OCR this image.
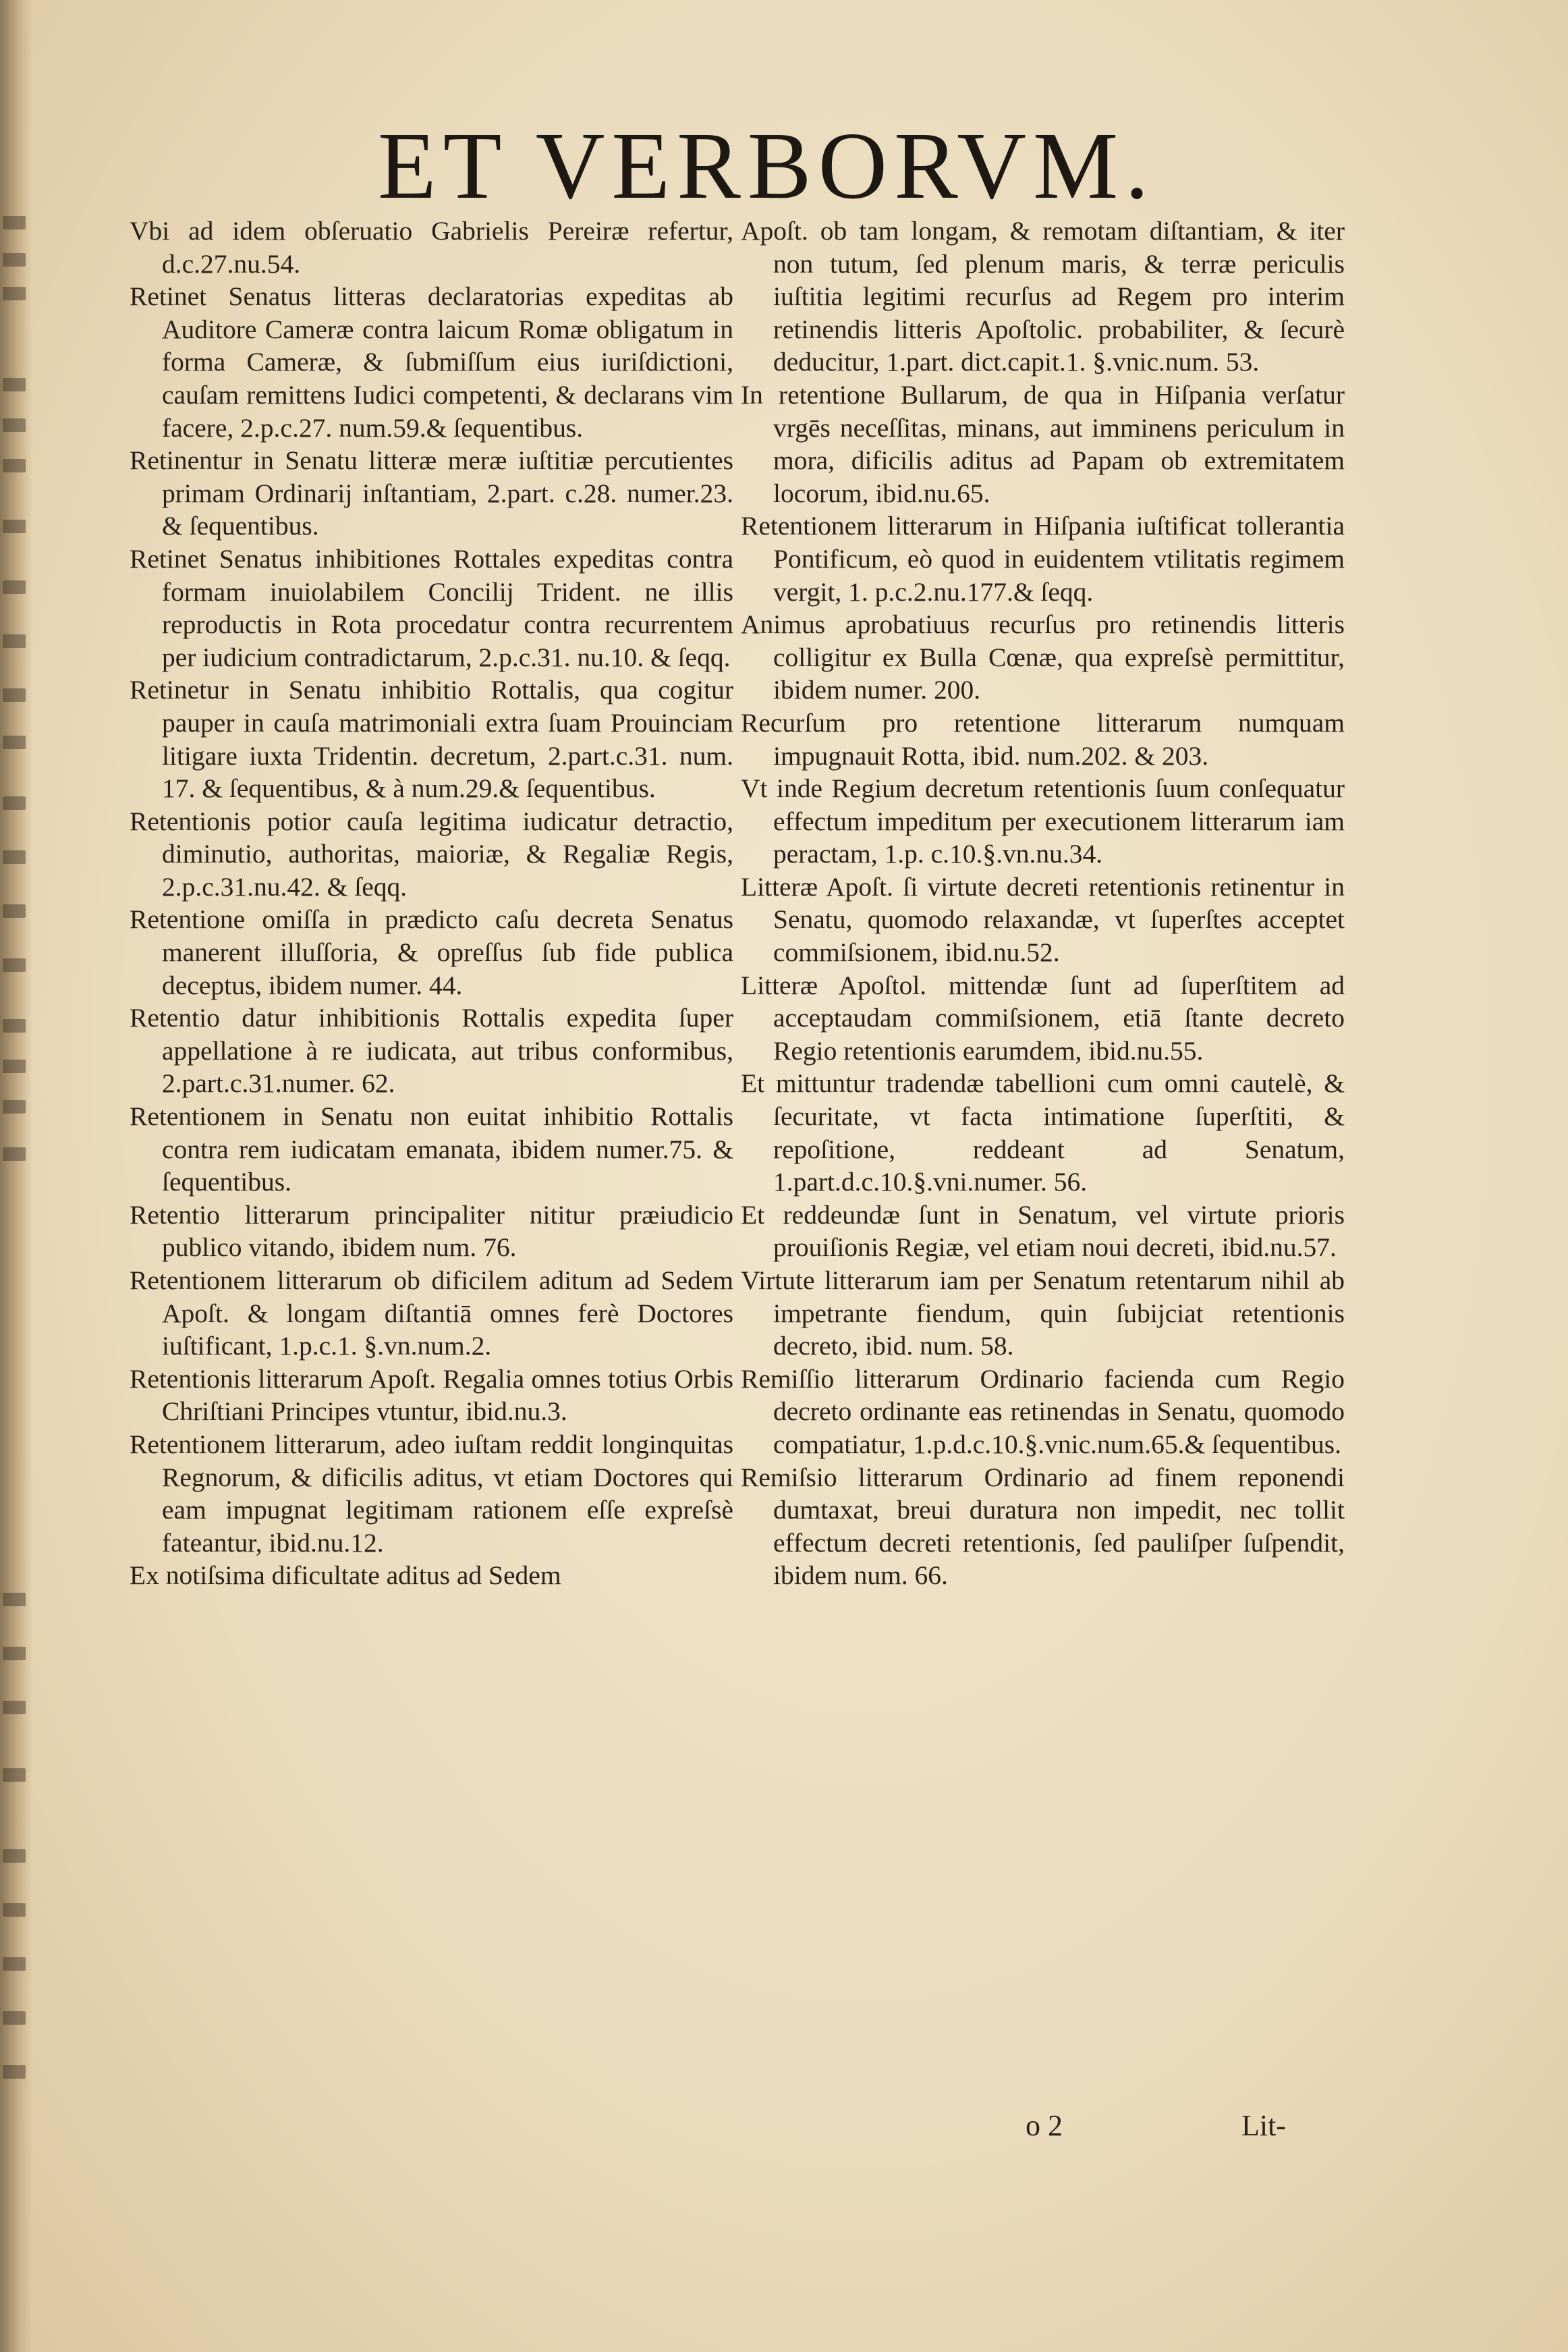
ET VERBORVM.

Vbi ad idem obſeruatio Gabrielis Pereiræ refertur, d.c.27.nu.54.

Retinet Senatus litteras declaratorias expeditas ab Auditore Cameræ contra laicum Romæ obligatum in forma Cameræ, & ſubmiſſum eius iuriſdictioni, cauſam remittens Iudici competenti, & declarans vim facere, 2.p.c.27. num.59.& ſequentibus.

Retinentur in Senatu litteræ meræ iuſtitiæ percutientes primam Ordinarij inſtantiam, 2.part. c.28. numer.23. & ſequentibus.

Retinet Senatus inhibitiones Rottales expeditas contra formam inuiolabilem Concilij Trident. ne illis reproductis in Rota procedatur contra recurrentem per iudicium contradictarum, 2.p.c.31. nu.10. & ſeqq.

Retinetur in Senatu inhibitio Rottalis, qua cogitur pauper in cauſa matrimoniali extra ſuam Prouinciam litigare iuxta Tridentin. decretum, 2.part.c.31. num. 17. & ſequentibus, & à num.29.& ſequentibus.

Retentionis potior cauſa legitima iudicatur detractio, diminutio, authoritas, maioriæ, & Regaliæ Regis, 2.p.c.31.nu.42. & ſeqq.

Retentione omiſſa in prædicto caſu decreta Senatus manerent illuſſoria, & opreſſus ſub fide publica deceptus, ibidem numer. 44.

Retentio datur inhibitionis Rottalis expedita ſuper appellatione à re iudicata, aut tribus conformibus, 2.part.c.31.numer. 62.

Retentionem in Senatu non euitat inhibitio Rottalis contra rem iudicatam emanata, ibidem numer.75. & ſequentibus.

Retentio litterarum principaliter nititur præiudicio publico vitando, ibidem num. 76.

Retentionem litterarum ob dificilem aditum ad Sedem Apoſt. & longam diſtantiā omnes ferè Doctores iuſtificant, 1.p.c.1. §.vn.num.2.

Retentionis litterarum Apoſt. Regalia omnes totius Orbis Chriſtiani Principes vtuntur, ibid.nu.3.

Retentionem litterarum, adeo iuſtam reddit longinquitas Regnorum, & dificilis aditus, vt etiam Doctores qui eam impugnat legitimam rationem eſſe expreſsè fateantur, ibid.nu.12.

Ex notiſsima dificultate aditus ad Sedem

Apoſt. ob tam longam, & remotam diſtantiam, & iter non tutum, ſed plenum maris, & terræ periculis iuſtitia legitimi recurſus ad Regem pro interim retinendis litteris Apoſtolic. probabiliter, & ſecurè deducitur, 1.part. dict.capit.1. §.vnic.num. 53.

In retentione Bullarum, de qua in Hiſpania verſatur vrgēs neceſſitas, minans, aut imminens periculum in mora, dificilis aditus ad Papam ob extremitatem locorum, ibid.nu.65.

Retentionem litterarum in Hiſpania iuſtificat tollerantia Pontificum, eò quod in euidentem vtilitatis regimem vergit, 1. p.c.2.nu.177.& ſeqq.

Animus aprobatiuus recurſus pro retinendis litteris colligitur ex Bulla Cœnæ, qua expreſsè permittitur, ibidem numer. 200.

Recurſum pro retentione litterarum numquam impugnauit Rotta, ibid. num.202. & 203.

Vt inde Regium decretum retentionis ſuum conſequatur effectum impeditum per executionem litterarum iam peractam, 1.p. c.10.§.vn.nu.34.

Litteræ Apoſt. ſi virtute decreti retentionis retinentur in Senatu, quomodo relaxandæ, vt ſuperſtes acceptet commiſsionem, ibid.nu.52.

Litteræ Apoſtol. mittendæ ſunt ad ſuperſtitem ad acceptaudam commiſsionem, etiā ſtante decreto Regio retentionis earumdem, ibid.nu.55.

Et mittuntur tradendæ tabellioni cum omni cautelè, & ſecuritate, vt facta intimatione ſuperſtiti, & repoſitione, reddeant ad Senatum, 1.part.d.c.10.§.vni.numer. 56.

Et reddeundæ ſunt in Senatum, vel virtute prioris prouiſionis Regiæ, vel etiam noui decreti, ibid.nu.57.

Virtute litterarum iam per Senatum retentarum nihil ab impetrante fiendum, quin ſubijciat retentionis decreto, ibid. num. 58.

Remiſſio litterarum Ordinario facienda cum Regio decreto ordinante eas retinendas in Senatu, quomodo compatiatur, 1.p.d.c.10.§.vnic.num.65.& ſequentibus.

Remiſsio litterarum Ordinario ad finem reponendi dumtaxat, breui duratura non impedit, nec tollit effectum decreti retentionis, ſed pauliſper ſuſpendit, ibidem num. 66.

o 2	Lit-
